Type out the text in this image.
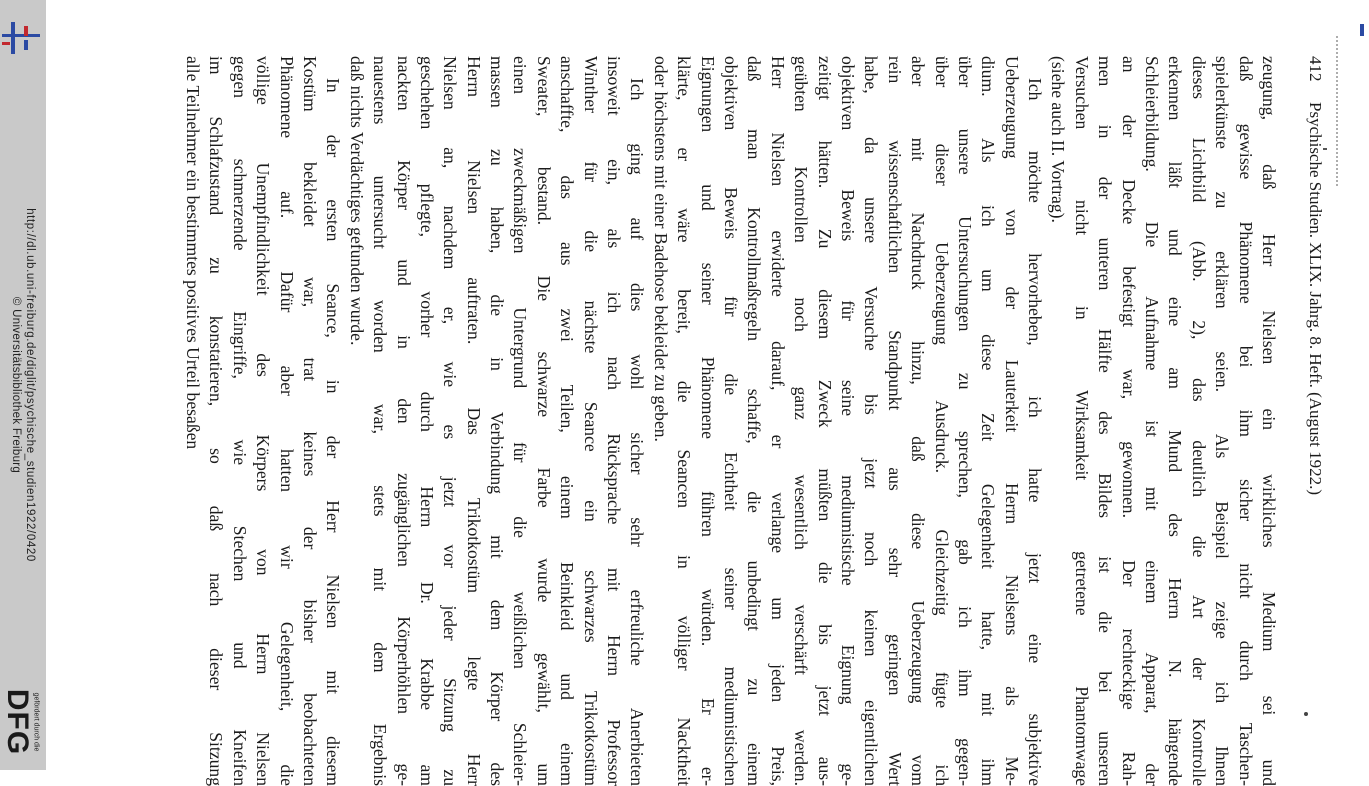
http://dl.ub.uni-freiburg.de/diglit/psychische_studien1922/0420
© Universitätsbibliothek Freiburg
gefördert durch die
DFG
412
Psychische Studien. XLIX. Jahrg. 8. Heft. (August 1922.)
zeugung, daß Herr Nielsen ein wirkliches Medium sei und
daß gewisse Phänomene bei ihm sicher nicht durch Taschen-
spielerkünste zu erklären seien. Als Beispiel zeige ich Ihnen
dieses Lichtbild (Abb. 2), das deutlich die Art der Kontrolle
erkennen läßt und eine am Mund des Herrn N. hängende
Schleierbildung. Die Aufnahme ist mit einem Apparat, der
an der Decke befestigt war, gewonnen. Der rechteckige Rah-
men in der unteren Hälfte des Bildes ist die bei unseren
Versuchen nicht in Wirksamkeit getretene Phantomwage
(siehe auch II. Vortrag).
Ich möchte hervorheben, ich hatte jetzt eine subjektive
Ueberzeugung von der Lauterkeit Herrn Nielsens als Me-
dium. Als ich um diese Zeit Gelegenheit hatte, mit ihm
über unsere Untersuchungen zu sprechen, gab ich ihm gegen-
über dieser Ueberzeugung Ausdruck. Gleichzeitig fügte ich
aber mit Nachdruck hinzu, daß diese Ueberzeugung vom
rein wissenschaftlichen Standpunkt aus sehr geringen Wert
habe, da unsere Versuche bis jetzt noch keinen eigentlichen
objektiven Beweis für seine mediumistische Eignung ge-
zeitigt hätten. Zu diesem Zweck müßten die bis jetzt aus-
geübten Kontrollen noch ganz wesentlich verschärft werden.
Herr Nielsen erwiderte darauf, er verlange um jeden Preis,
daß man Kontrollmaßregeln schaffe, die unbedingt zu einem
objektiven Beweis für die Echtheit seiner mediumistischen
Eignungen und seiner Phänomene führen würden. Er er-
klärte, er wäre bereit, die Seancen in völliger Nacktheit
oder höchstens mit einer Badehose bekleidet zu geben.
Ich ging auf dies wohl sicher sehr erfreuliche Anerbieten
insoweit ein, als ich nach Rücksprache mit Herrn Professor
Winther für die nächste Seance ein schwarzes Trikotkostüm
anschaffte, das aus zwei Teilen, einem Beinkleid und einem
Sweater, bestand. Die schwarze Farbe wurde gewählt, um
einen zweckmäßigen Untergrund für die weißlichen Schleier-
massen zu haben, die in Verbindung mit dem Körper des
Herrn Nielsen auftraten. Das Trikotkostüm legte Herr
Nielsen an, nachdem er, wie es jetzt vor jeder Sitzung zu
geschehen pflegte, vorher durch Herrn Dr. Krabbe am
nackten Körper und in den zugänglichen Körperhöhlen ge-
nauestens untersucht worden war, stets mit dem Ergebnis
daß nichts Verdächtiges gefunden wurde.
In der ersten Seance, in der Herr Nielsen mit diesem
Kostüm bekleidet war, trat keines der bisher beobachteten
Phänomene auf. Dafür aber hatten wir Gelegenheit, die
völlige Unempfindlichkeit des Körpers von Herrn Nielsen
gegen schmerzende Eingriffe, wie Stechen und Kneifen
im Schlafzustand zu konstatieren, so daß nach dieser Sitzung
alle Teilnehmer ein bestimmtes positives Urteil besaßen
